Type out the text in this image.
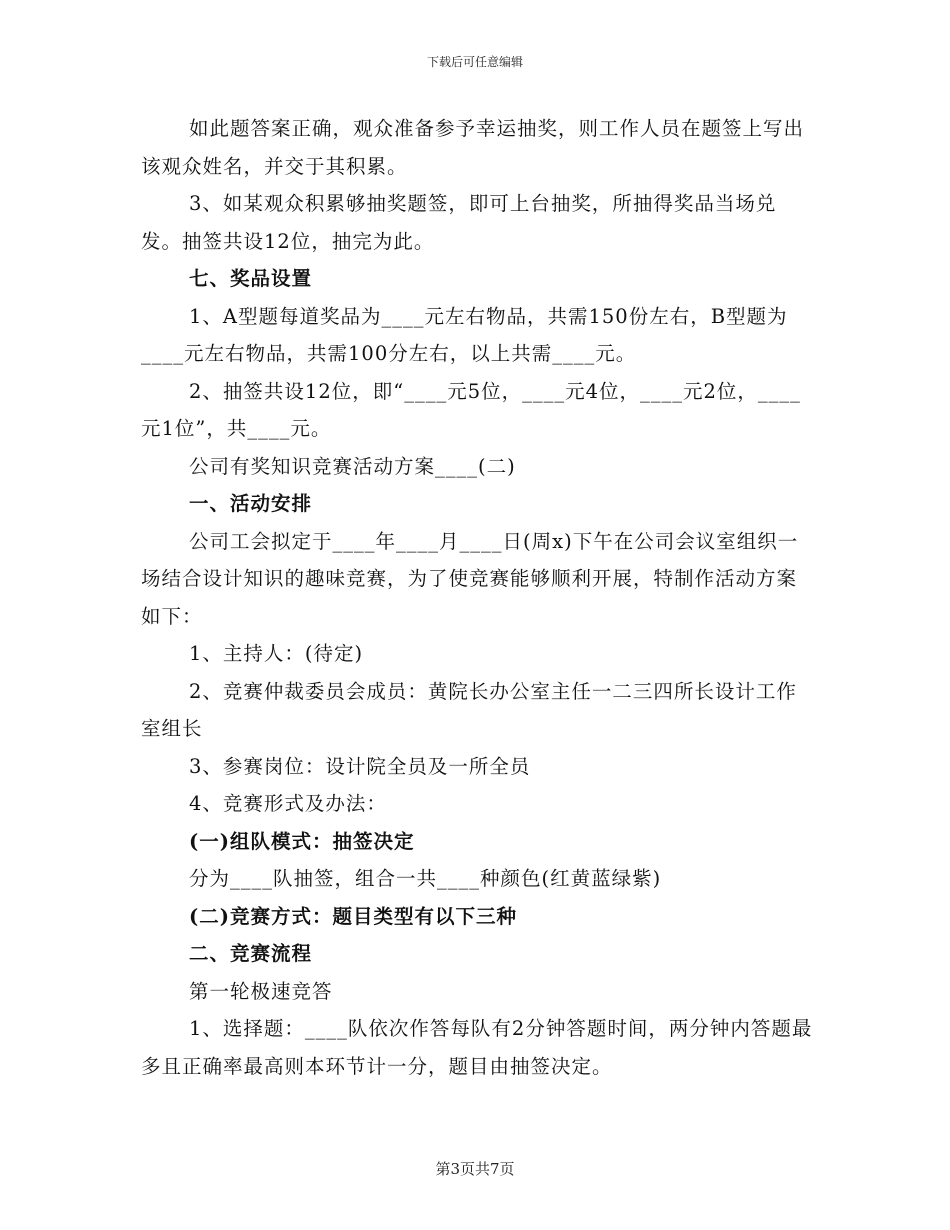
下载后可任意编辑

如此题答案正确，观众准备参予幸运抽奖，则工作人员在题签上写出该观众姓名，并交于其积累。

3、如某观众积累够抽奖题签，即可上台抽奖，所抽得奖品当场兑发。抽签共设12位，抽完为此。

七、奖品设置

1、A型题每道奖品为____元左右物品，共需150份左右，B型题为____元左右物品，共需100分左右，以上共需____元。

2、抽签共设12位，即“____元5位，____元4位，____元2位，____元1位”，共____元。

公司有奖知识竞赛活动方案____(二)

一、活动安排

公司工会拟定于____年____月____日(周x)下午在公司会议室组织一场结合设计知识的趣味竞赛，为了使竞赛能够顺利开展，特制作活动方案如下：

1、主持人：(待定)

2、竞赛仲裁委员会成员：黄院长办公室主任一二三四所长设计工作室组长

3、参赛岗位：设计院全员及一所全员

4、竞赛形式及办法：

(一)组队模式：抽签决定

分为____队抽签，组合一共____种颜色(红黄蓝绿紫)

(二)竞赛方式：题目类型有以下三种

二、竞赛流程

第一轮极速竞答

1、选择题：____队依次作答每队有2分钟答题时间，两分钟内答题最多且正确率最高则本环节计一分，题目由抽签决定。

第3页共7页
